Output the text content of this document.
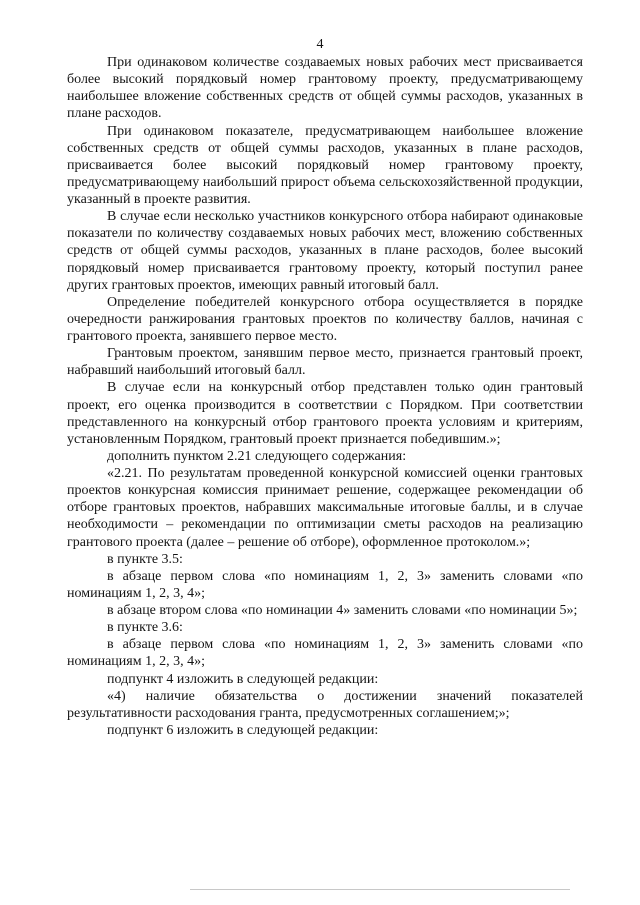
4

При одинаковом количестве создаваемых новых рабочих мест присваивается более высокий порядковый номер грантовому проекту, предусматривающему наибольшее вложение собственных средств от общей суммы расходов, указанных в плане расходов.

При одинаковом показателе, предусматривающем наибольшее вложение собственных средств от общей суммы расходов, указанных в плане расходов, присваивается более высокий порядковый номер грантовому проекту, предусматривающему наибольший прирост объема сельскохозяйственной продукции, указанный в проекте развития.

В случае если несколько участников конкурсного отбора набирают одинаковые показатели по количеству создаваемых новых рабочих мест, вложению собственных средств от общей суммы расходов, указанных в плане расходов, более высокий порядковый номер присваивается грантовому проекту, который поступил ранее других грантовых проектов, имеющих равный итоговый балл.

Определение победителей конкурсного отбора осуществляется в порядке очередности ранжирования грантовых проектов по количеству баллов, начиная с грантового проекта, занявшего первое место.

Грантовым проектом, занявшим первое место, признается грантовый проект, набравший наибольший итоговый балл.

В случае если на конкурсный отбор представлен только один грантовый проект, его оценка производится в соответствии с Порядком. При соответствии представленного на конкурсный отбор грантового проекта условиям и критериям, установленным Порядком, грантовый проект признается победившим.»;

дополнить пунктом 2.21 следующего содержания:

«2.21. По результатам проведенной конкурсной комиссией оценки грантовых проектов конкурсная комиссия принимает решение, содержащее рекомендации об отборе грантовых проектов, набравших максимальные итоговые баллы, и в случае необходимости – рекомендации по оптимизации сметы расходов на реализацию грантового проекта (далее – решение об отборе), оформленное протоколом.»;

в пункте 3.5:

в абзаце первом слова «по номинациям 1, 2, 3» заменить словами «по номинациям 1, 2, 3, 4»;

в абзаце втором слова «по номинации 4» заменить словами «по номинации 5»;

в пункте 3.6:

в абзаце первом слова «по номинациям 1, 2, 3» заменить словами «по номинациям 1, 2, 3, 4»;

подпункт 4 изложить в следующей редакции:

«4) наличие обязательства о достижении значений показателей результативности расходования гранта, предусмотренных соглашением;»;

подпункт 6 изложить в следующей редакции:
